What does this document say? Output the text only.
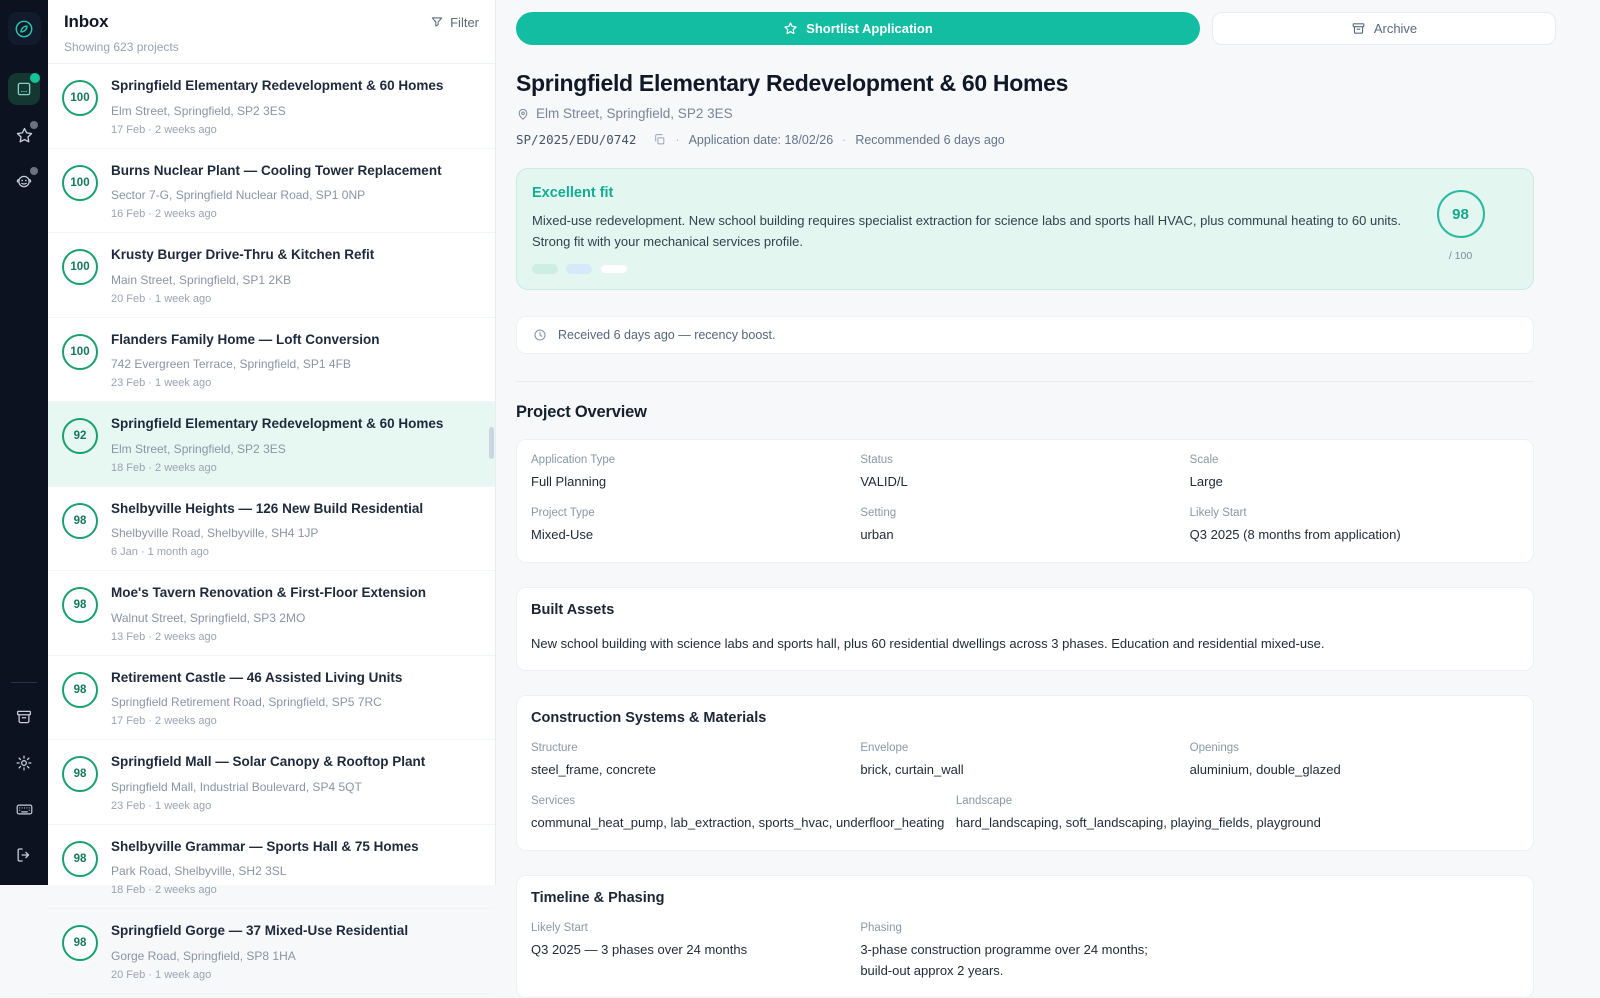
Inbox	Filter
Showing 623 projects
100
Springfield Elementary Redevelopment & 60 Homes
Elm Street, Springfield, SP2 3ES
17 Feb · 2 weeks ago
100
Burns Nuclear Plant — Cooling Tower Replacement
Sector 7-G, Springfield Nuclear Road, SP1 0NP
16 Feb · 2 weeks ago
100
Krusty Burger Drive-Thru & Kitchen Refit
Main Street, Springfield, SP1 2KB
20 Feb · 1 week ago
100
Flanders Family Home — Loft Conversion
742 Evergreen Terrace, Springfield, SP1 4FB
23 Feb · 1 week ago
92
Springfield Elementary Redevelopment & 60 Homes
Elm Street, Springfield, SP2 3ES
18 Feb · 2 weeks ago
98
Shelbyville Heights — 126 New Build Residential
Shelbyville Road, Shelbyville, SH4 1JP
6 Jan · 1 month ago
98
Moe's Tavern Renovation & First-Floor Extension
Walnut Street, Springfield, SP3 2MO
13 Feb · 2 weeks ago
98
Retirement Castle — 46 Assisted Living Units
Springfield Retirement Road, Springfield, SP5 7RC
17 Feb · 2 weeks ago
98
Springfield Mall — Solar Canopy & Rooftop Plant
Springfield Mall, Industrial Boulevard, SP4 5QT
23 Feb · 1 week ago
98
Shelbyville Grammar — Sports Hall & 75 Homes
Park Road, Shelbyville, SH2 3SL
18 Feb · 2 weeks ago
98
Springfield Gorge — 37 Mixed-Use Residential
Gorge Road, Springfield, SP8 1HA
20 Feb · 1 week ago
Shortlist Application	Archive
Springfield Elementary Redevelopment & 60 Homes
Elm Street, Springfield, SP2 3ES
SP/2025/EDU/0742	· Application date: 18/02/26 · Recommended 6 days ago
Excellent fit
Mixed-use redevelopment. New school building requires specialist extraction for science labs and sports hall HVAC, plus communal heating to 60 units.
Strong fit with your mechanical services profile.
98
/ 100
Received 6 days ago — recency boost.
Project Overview
Application Type
Full Planning
Status
VALID/L
Scale
Large
Project Type
Mixed-Use
Setting
urban
Likely Start
Q3 2025 (8 months from application)
Built Assets
New school building with science labs and sports hall, plus 60 residential dwellings across 3 phases. Education and residential mixed-use.
Construction Systems & Materials
Structure
steel_frame, concrete
Envelope
brick, curtain_wall
Openings
aluminium, double_glazed
Services
communal_heat_pump, lab_extraction, sports_hvac, underfloor_heating
Landscape
hard_landscaping, soft_landscaping, playing_fields, playground
Timeline & Phasing
Likely Start
Q3 2025 — 3 phases over 24 months
Phasing
3-phase construction programme over 24 months;
build-out approx 2 years.
